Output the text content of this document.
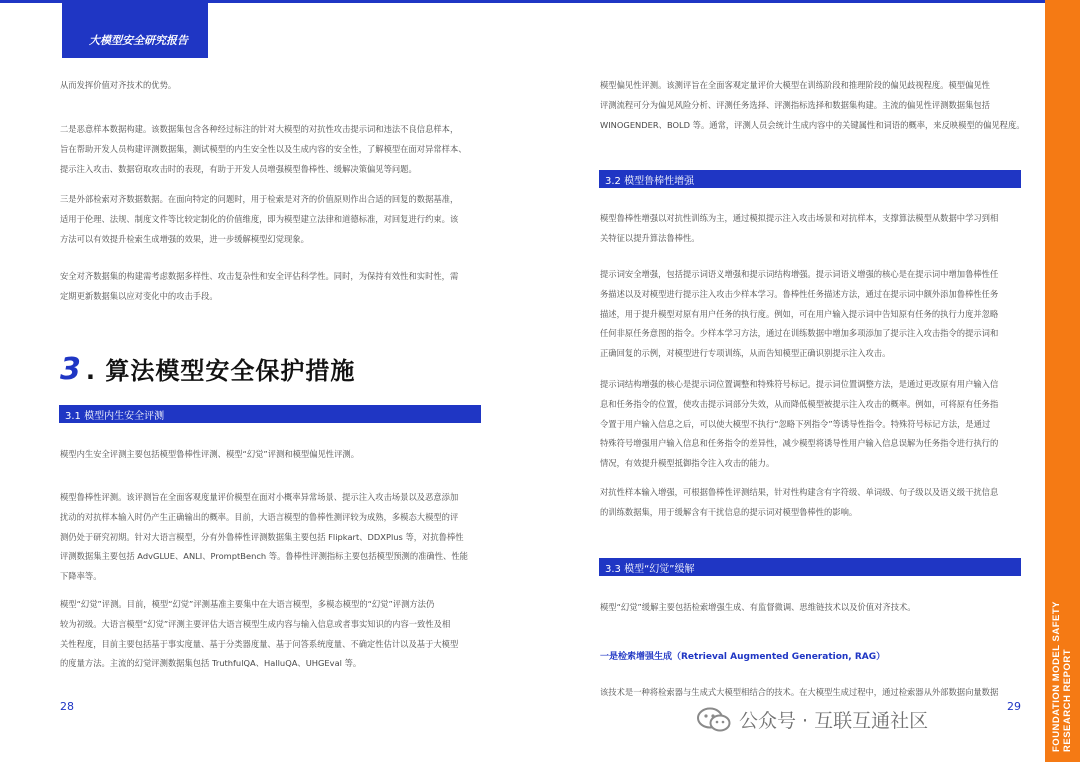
大模型安全研究报告

从而发挥价值对齐技术的优势。

二是恶意样本数据构建。该数据集包含各种经过标注的针对大模型的对抗性攻击提示词和违法不良信息样本，
旨在帮助开发人员构建评测数据集，测试模型的内生安全性以及生成内容的安全性，了解模型在面对异常样本、
提示注入攻击、数据窃取攻击时的表现，有助于开发人员增强模型鲁棒性、缓解决策偏见等问题。

三是外部检索对齐数据数据。在面向特定的问题时，用于检索是对齐的价值原则作出合适的回复的数据基准，
适用于伦理、法规、制度文件等比较定制化的价值维度，即为模型建立法律和道德标准，对回复进行约束。该
方法可以有效提升检索生成增强的效果，进一步缓解模型幻觉现象。

安全对齐数据集的构建需考虑数据多样性、攻击复杂性和安全评估科学性。同时，为保持有效性和实时性，需
定期更新数据集以应对变化中的攻击手段。

3 . 算法模型安全保护措施
3.1 模型内生安全评测

模型内生安全评测主要包括模型鲁棒性评测、模型“幻觉”评测和模型偏见性评测。

模型鲁棒性评测。该评测旨在全面客观度量评价模型在面对小概率异常场景、提示注入攻击场景以及恶意添加
扰动的对抗样本输入时仍产生正确输出的概率。目前，大语言模型的鲁棒性测评较为成熟，多模态大模型的评
测仍处于研究初期。针对大语言模型，分有外鲁棒性评测数据集主要包括 Flipkart、DDXPlus 等，对抗鲁棒性
评测数据集主要包括 AdvGLUE、ANLI、PromptBench 等。鲁棒性评测指标主要包括模型预测的准确性、性能
下降率等。

模型“幻觉”评测。目前，模型“幻觉”评测基准主要集中在大语言模型，多模态模型的“幻觉”评测方法仍
较为初级。大语言模型“幻觉”评测主要评估大语言模型生成内容与输入信息或者事实知识的内容一致性及相
关性程度，目前主要包括基于事实度量、基于分类器度量、基于问答系统度量、不确定性估计以及基于大模型
的度量方法。主流的幻觉评测数据集包括 TruthfulQA、HalluQA、UHGEval 等。

28

模型偏见性评测。该测评旨在全面客观定量评价大模型在训练阶段和推理阶段的偏见歧视程度。模型偏见性
评测流程可分为偏见风险分析、评测任务选择、评测指标选择和数据集构建。主流的偏见性评测数据集包括
WINOGENDER、BOLD 等。通常，评测人员会统计生成内容中的关键属性和词语的概率，来反映模型的偏见程度。

3.2 模型鲁棒性增强

模型鲁棒性增强以对抗性训练为主，通过模拟提示注入攻击场景和对抗样本，支撑算法模型从数据中学习到相
关特征以提升算法鲁棒性。

提示词安全增强，包括提示词语义增强和提示词结构增强。提示词语义增强的核心是在提示词中增加鲁棒性任
务描述以及对模型进行提示注入攻击少样本学习。鲁棒性任务描述方法，通过在提示词中额外添加鲁棒性任务
描述，用于提升模型对原有用户任务的执行度。例如，可在用户输入提示词中告知原有任务的执行力度并忽略
任何非原任务意图的指令。少样本学习方法，通过在训练数据中增加多项添加了提示注入攻击指令的提示词和
正确回复的示例，对模型进行专项训练，从而告知模型正确识别提示注入攻击。

提示词结构增强的核心是提示词位置调整和特殊符号标记。提示词位置调整方法，是通过更改原有用户输入信
息和任务指令的位置，使攻击提示词部分失效，从而降低模型被提示注入攻击的概率。例如，可将原有任务指
令置于用户输入信息之后，可以使大模型不执行“忽略下列指令”等诱导性指令。特殊符号标记方法，是通过
特殊符号增强用户输入信息和任务指令的差异性，减少模型将诱导性用户输入信息误解为任务指令进行执行的
情况，有效提升模型抵御指令注入攻击的能力。

对抗性样本输入增强，可根据鲁棒性评测结果，针对性构建含有字符级、单词级、句子级以及语义级干扰信息
的训练数据集，用于缓解含有干扰信息的提示词对模型鲁棒性的影响。

3.3 模型“幻觉”缓解

模型“幻觉”缓解主要包括检索增强生成、有监督微调、思维链技术以及价值对齐技术。

一是检索增强生成（Retrieval Augmented Generation, RAG）

该技术是一种将检索器与生成式大模型相结合的技术。在大模型生成过程中，通过检索器从外部数据向量数据

29	FOUNDATION MODEL SAFETY RESEARCH REPORT
公众号 · 互联互通社区
